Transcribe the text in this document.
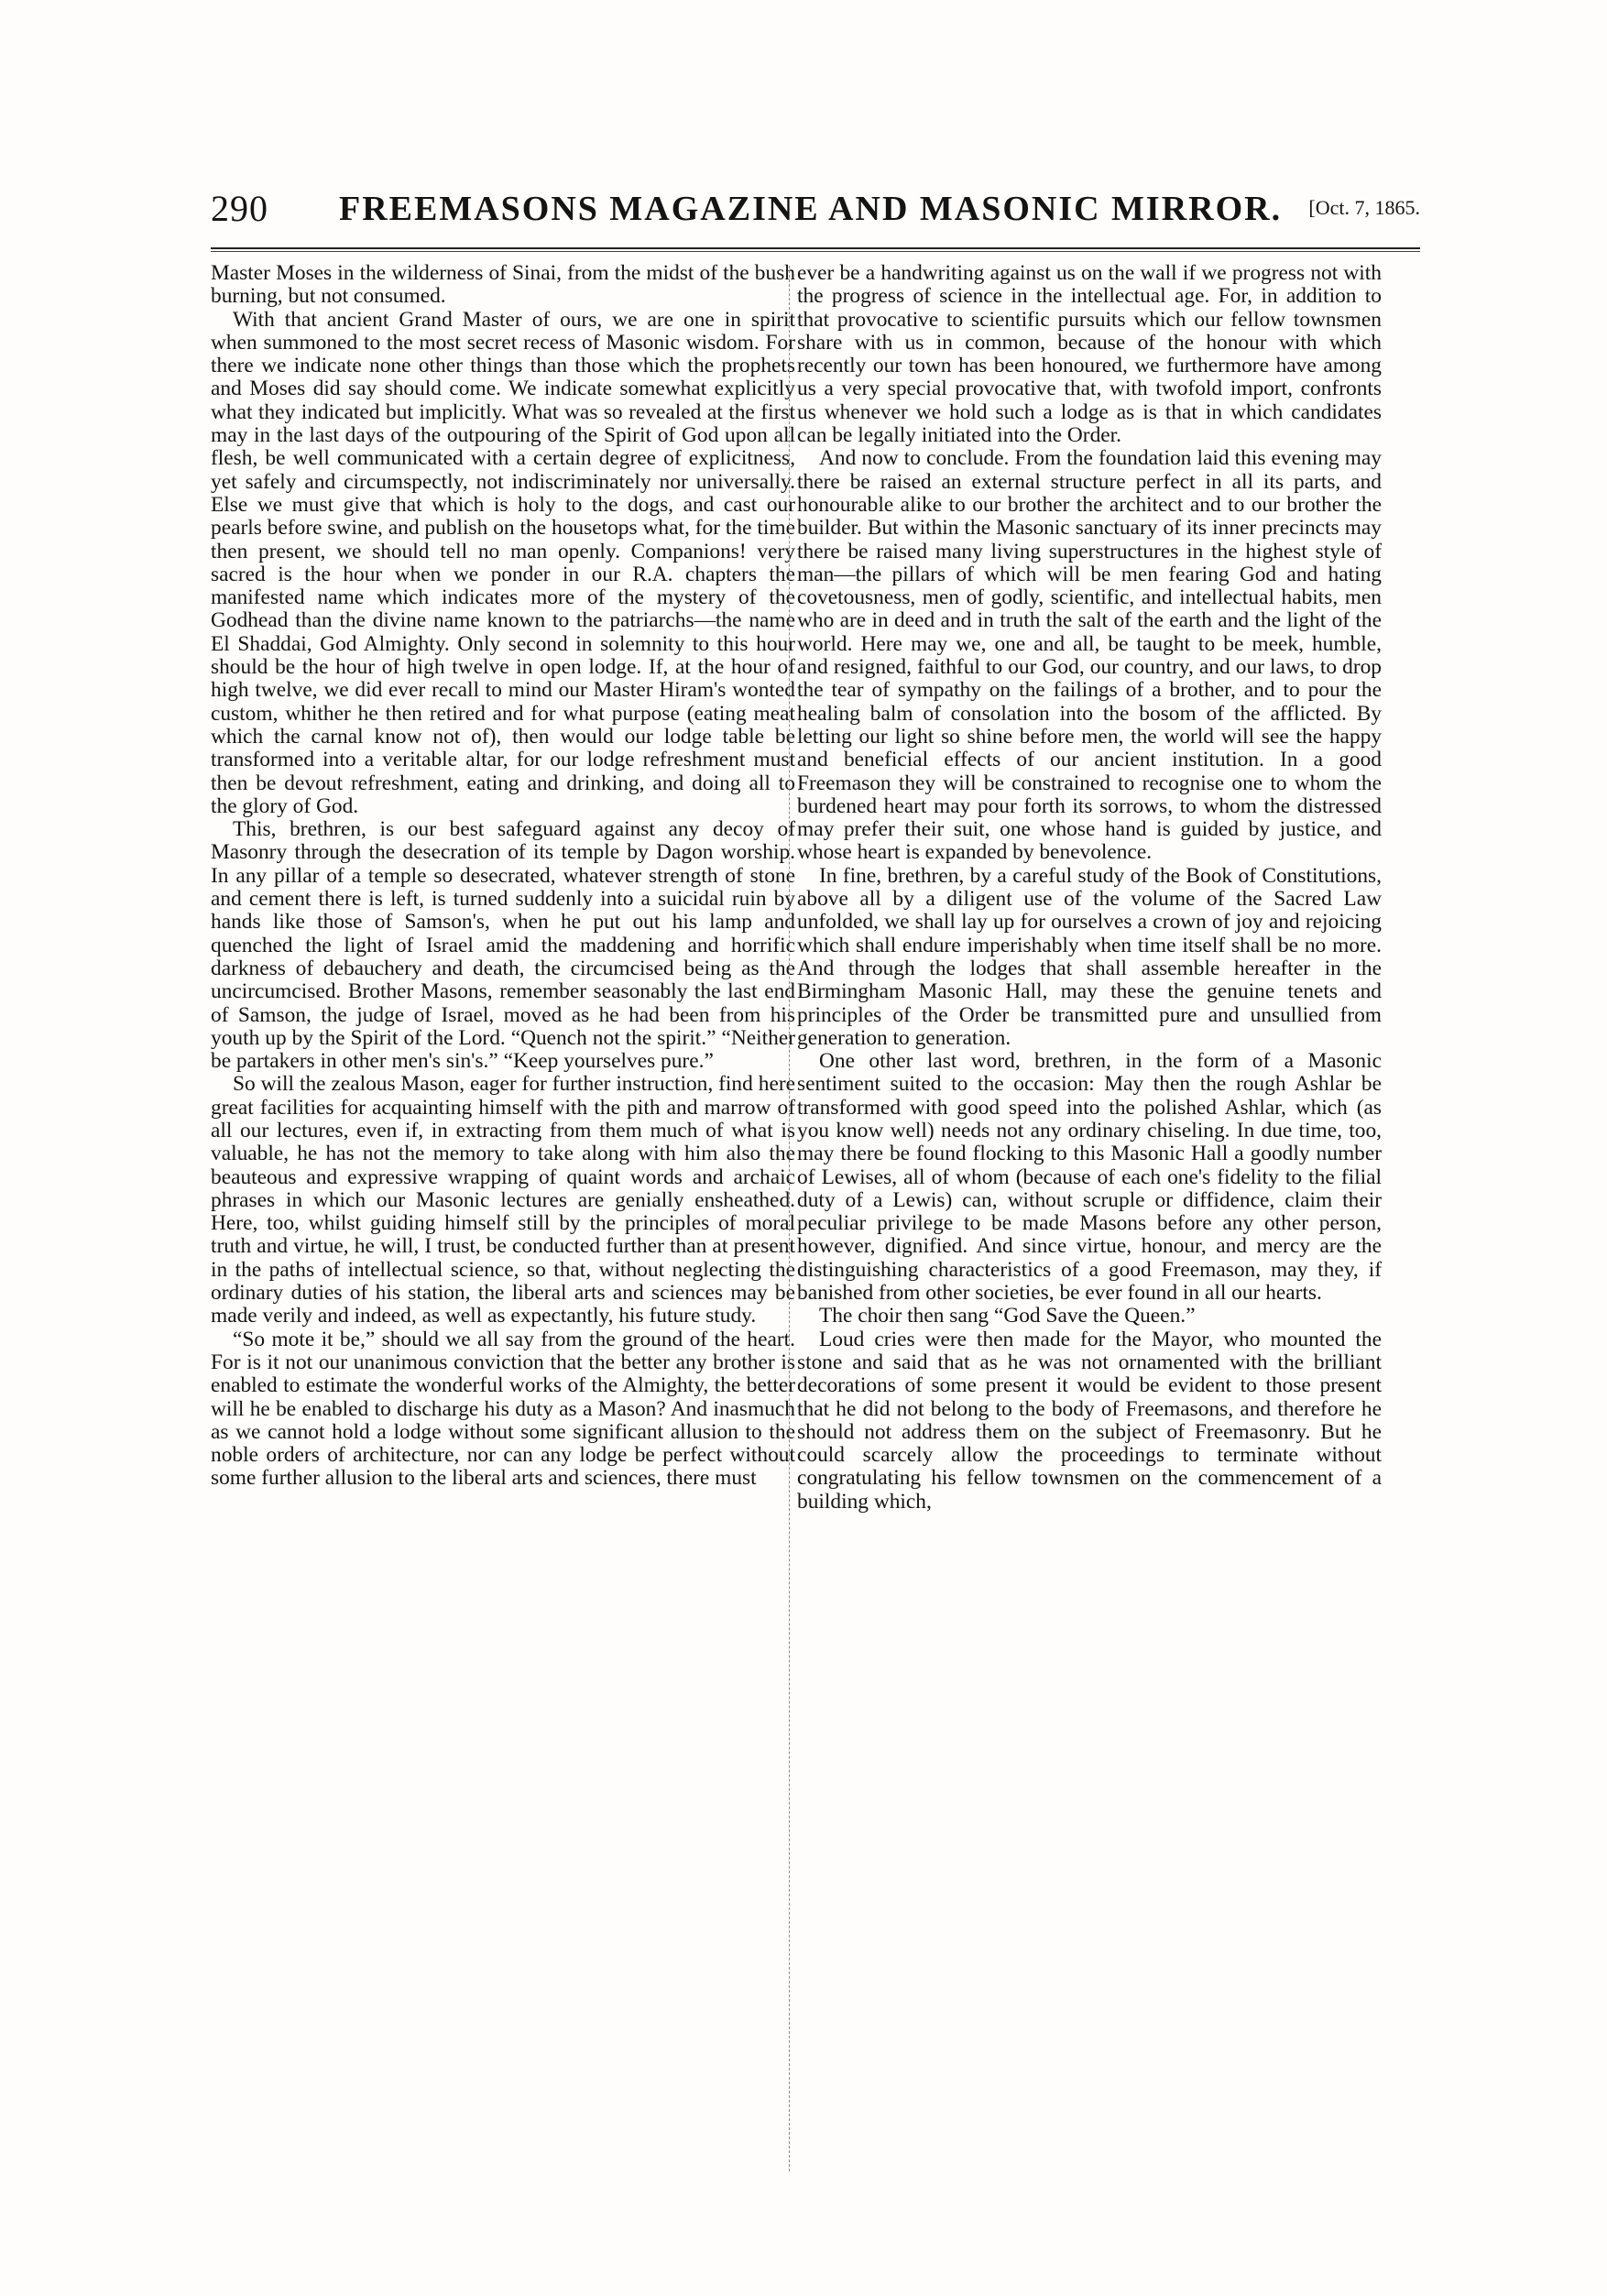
290 FREEMASONS MAGAZINE AND MASONIC MIRROR. [Oct. 7, 1865.

Master Moses in the wilderness of Sinai, from the midst of the bush burning, but not consumed.

With that ancient Grand Master of ours, we are one in spirit when summoned to the most secret recess of Masonic wisdom. For there we indicate none other things than those which the prophets and Moses did say should come. We indicate somewhat explicitly what they indicated but implicitly. What was so revealed at the first may in the last days of the outpouring of the Spirit of God upon all flesh, be well communicated with a certain degree of explicitness, yet safely and circumspectly, not indiscriminately nor universally. Else we must give that which is holy to the dogs, and cast our pearls before swine, and publish on the housetops what, for the time then present, we should tell no man openly. Companions! very sacred is the hour when we ponder in our R.A. chapters the manifested name which indicates more of the mystery of the Godhead than the divine name known to the patriarchs—the name El Shaddai, God Almighty. Only second in solemnity to this hour should be the hour of high twelve in open lodge. If, at the hour of high twelve, we did ever recall to mind our Master Hiram's wonted custom, whither he then retired and for what purpose (eating meat which the carnal know not of), then would our lodge table be transformed into a veritable altar, for our lodge refreshment must then be devout refreshment, eating and drinking, and doing all to the glory of God.

This, brethren, is our best safeguard against any decoy of Masonry through the desecration of its temple by Dagon worship. In any pillar of a temple so desecrated, whatever strength of stone and cement there is left, is turned suddenly into a suicidal ruin by hands like those of Samson's, when he put out his lamp and quenched the light of Israel amid the maddening and horrific darkness of debauchery and death, the circumcised being as the uncircumcised. Brother Masons, remember seasonably the last end of Samson, the judge of Israel, moved as he had been from his youth up by the Spirit of the Lord. “Quench not the spirit.” “Neither be partakers in other men's sin's.” “Keep yourselves pure.”

So will the zealous Mason, eager for further instruction, find here great facilities for acquainting himself with the pith and marrow of all our lectures, even if, in extracting from them much of what is valuable, he has not the memory to take along with him also the beauteous and expressive wrapping of quaint words and archaic phrases in which our Masonic lectures are genially ensheathed. Here, too, whilst guiding himself still by the principles of moral truth and virtue, he will, I trust, be conducted further than at present in the paths of intellectual science, so that, without neglecting the ordinary duties of his station, the liberal arts and sciences may be made verily and indeed, as well as expectantly, his future study.

“So mote it be,” should we all say from the ground of the heart. For is it not our unanimous conviction that the better any brother is enabled to estimate the wonderful works of the Almighty, the better will he be enabled to discharge his duty as a Mason? And inasmuch as we cannot hold a lodge without some significant allusion to the noble orders of architecture, nor can any lodge be perfect without some further allusion to the liberal arts and sciences, there must

ever be a handwriting against us on the wall if we progress not with the progress of science in the intellectual age. For, in addition to that provocative to scientific pursuits which our fellow townsmen share with us in common, because of the honour with which recently our town has been honoured, we furthermore have among us a very special provocative that, with twofold import, confronts us whenever we hold such a lodge as is that in which candidates can be legally initiated into the Order.

And now to conclude. From the foundation laid this evening may there be raised an external structure perfect in all its parts, and honourable alike to our brother the architect and to our brother the builder. But within the Masonic sanctuary of its inner precincts may there be raised many living superstructures in the highest style of man—the pillars of which will be men fearing God and hating covetousness, men of godly, scientific, and intellectual habits, men who are in deed and in truth the salt of the earth and the light of the world. Here may we, one and all, be taught to be meek, humble, and resigned, faithful to our God, our country, and our laws, to drop the tear of sympathy on the failings of a brother, and to pour the healing balm of consolation into the bosom of the afflicted. By letting our light so shine before men, the world will see the happy and beneficial effects of our ancient institution. In a good Freemason they will be constrained to recognise one to whom the burdened heart may pour forth its sorrows, to whom the distressed may prefer their suit, one whose hand is guided by justice, and whose heart is expanded by benevolence.

In fine, brethren, by a careful study of the Book of Constitutions, above all by a diligent use of the volume of the Sacred Law unfolded, we shall lay up for ourselves a crown of joy and rejoicing which shall endure imperishably when time itself shall be no more. And through the lodges that shall assemble hereafter in the Birmingham Masonic Hall, may these the genuine tenets and principles of the Order be transmitted pure and unsullied from generation to generation.

One other last word, brethren, in the form of a Masonic sentiment suited to the occasion: May then the rough Ashlar be transformed with good speed into the polished Ashlar, which (as you know well) needs not any ordinary chiseling. In due time, too, may there be found flocking to this Masonic Hall a goodly number of Lewises, all of whom (because of each one's fidelity to the filial duty of a Lewis) can, without scruple or diffidence, claim their peculiar privilege to be made Masons before any other person, however, dignified. And since virtue, honour, and mercy are the distinguishing characteristics of a good Freemason, may they, if banished from other societies, be ever found in all our hearts.

The choir then sang “God Save the Queen.”

Loud cries were then made for the Mayor, who mounted the stone and said that as he was not ornamented with the brilliant decorations of some present it would be evident to those present that he did not belong to the body of Freemasons, and therefore he should not address them on the subject of Freemasonry. But he could scarcely allow the proceedings to terminate without congratulating his fellow townsmen on the commencement of a building which,
